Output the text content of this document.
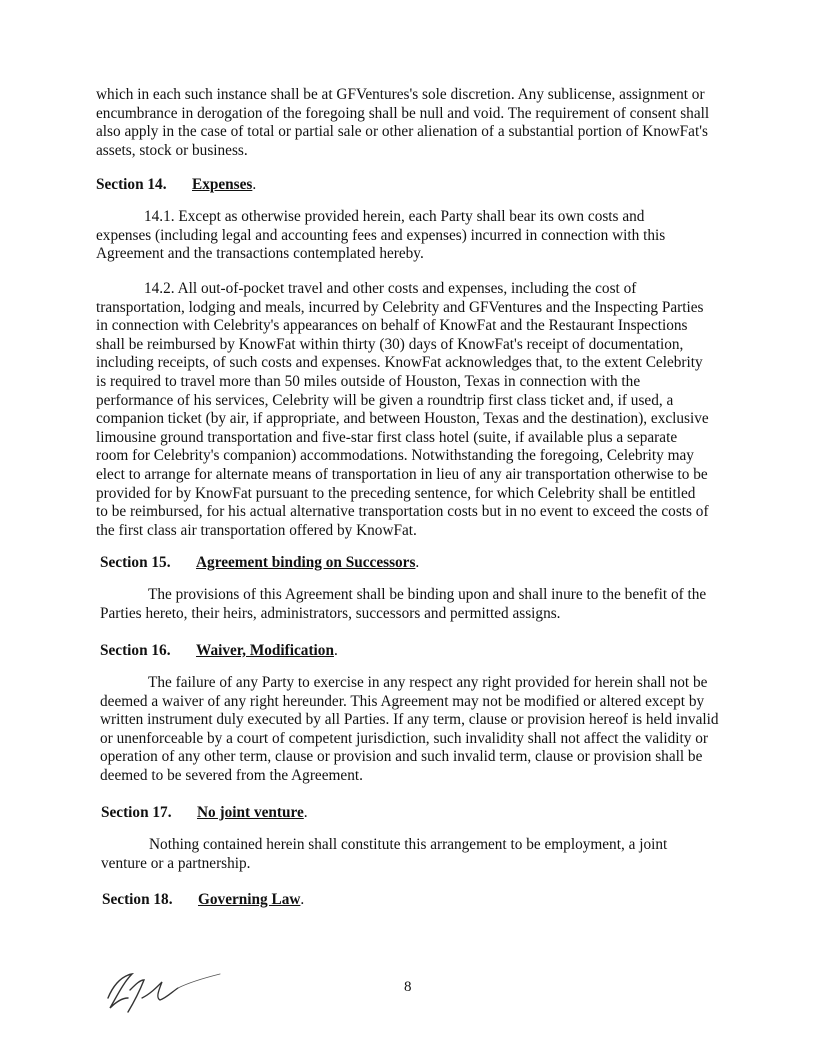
which in each such instance shall be at GFVentures's sole discretion. Any sublicense, assignment or encumbrance in derogation of the foregoing shall be null and void. The requirement of consent shall also apply in the case of total or partial sale or other alienation of a substantial portion of KnowFat's assets, stock or business.

Section 14. Expenses.

14.1. Except as otherwise provided herein, each Party shall bear its own costs and expenses (including legal and accounting fees and expenses) incurred in connection with this Agreement and the transactions contemplated hereby.

14.2. All out-of-pocket travel and other costs and expenses, including the cost of transportation, lodging and meals, incurred by Celebrity and GFVentures and the Inspecting Parties in connection with Celebrity's appearances on behalf of KnowFat and the Restaurant Inspections shall be reimbursed by KnowFat within thirty (30) days of KnowFat's receipt of documentation, including receipts, of such costs and expenses. KnowFat acknowledges that, to the extent Celebrity is required to travel more than 50 miles outside of Houston, Texas in connection with the performance of his services, Celebrity will be given a roundtrip first class ticket and, if used, a companion ticket (by air, if appropriate, and between Houston, Texas and the destination), exclusive limousine ground transportation and five-star first class hotel (suite, if available plus a separate room for Celebrity's companion) accommodations. Notwithstanding the foregoing, Celebrity may elect to arrange for alternate means of transportation in lieu of any air transportation otherwise to be provided for by KnowFat pursuant to the preceding sentence, for which Celebrity shall be entitled to be reimbursed, for his actual alternative transportation costs but in no event to exceed the costs of the first class air transportation offered by KnowFat.

Section 15. Agreement binding on Successors.

The provisions of this Agreement shall be binding upon and shall inure to the benefit of the Parties hereto, their heirs, administrators, successors and permitted assigns.

Section 16. Waiver, Modification.

The failure of any Party to exercise in any respect any right provided for herein shall not be deemed a waiver of any right hereunder. This Agreement may not be modified or altered except by written instrument duly executed by all Parties. If any term, clause or provision hereof is held invalid or unenforceable by a court of competent jurisdiction, such invalidity shall not affect the validity or operation of any other term, clause or provision and such invalid term, clause or provision shall be deemed to be severed from the Agreement.

Section 17. No joint venture.

Nothing contained herein shall constitute this arrangement to be employment, a joint venture or a partnership.

Section 18. Governing Law.

8
